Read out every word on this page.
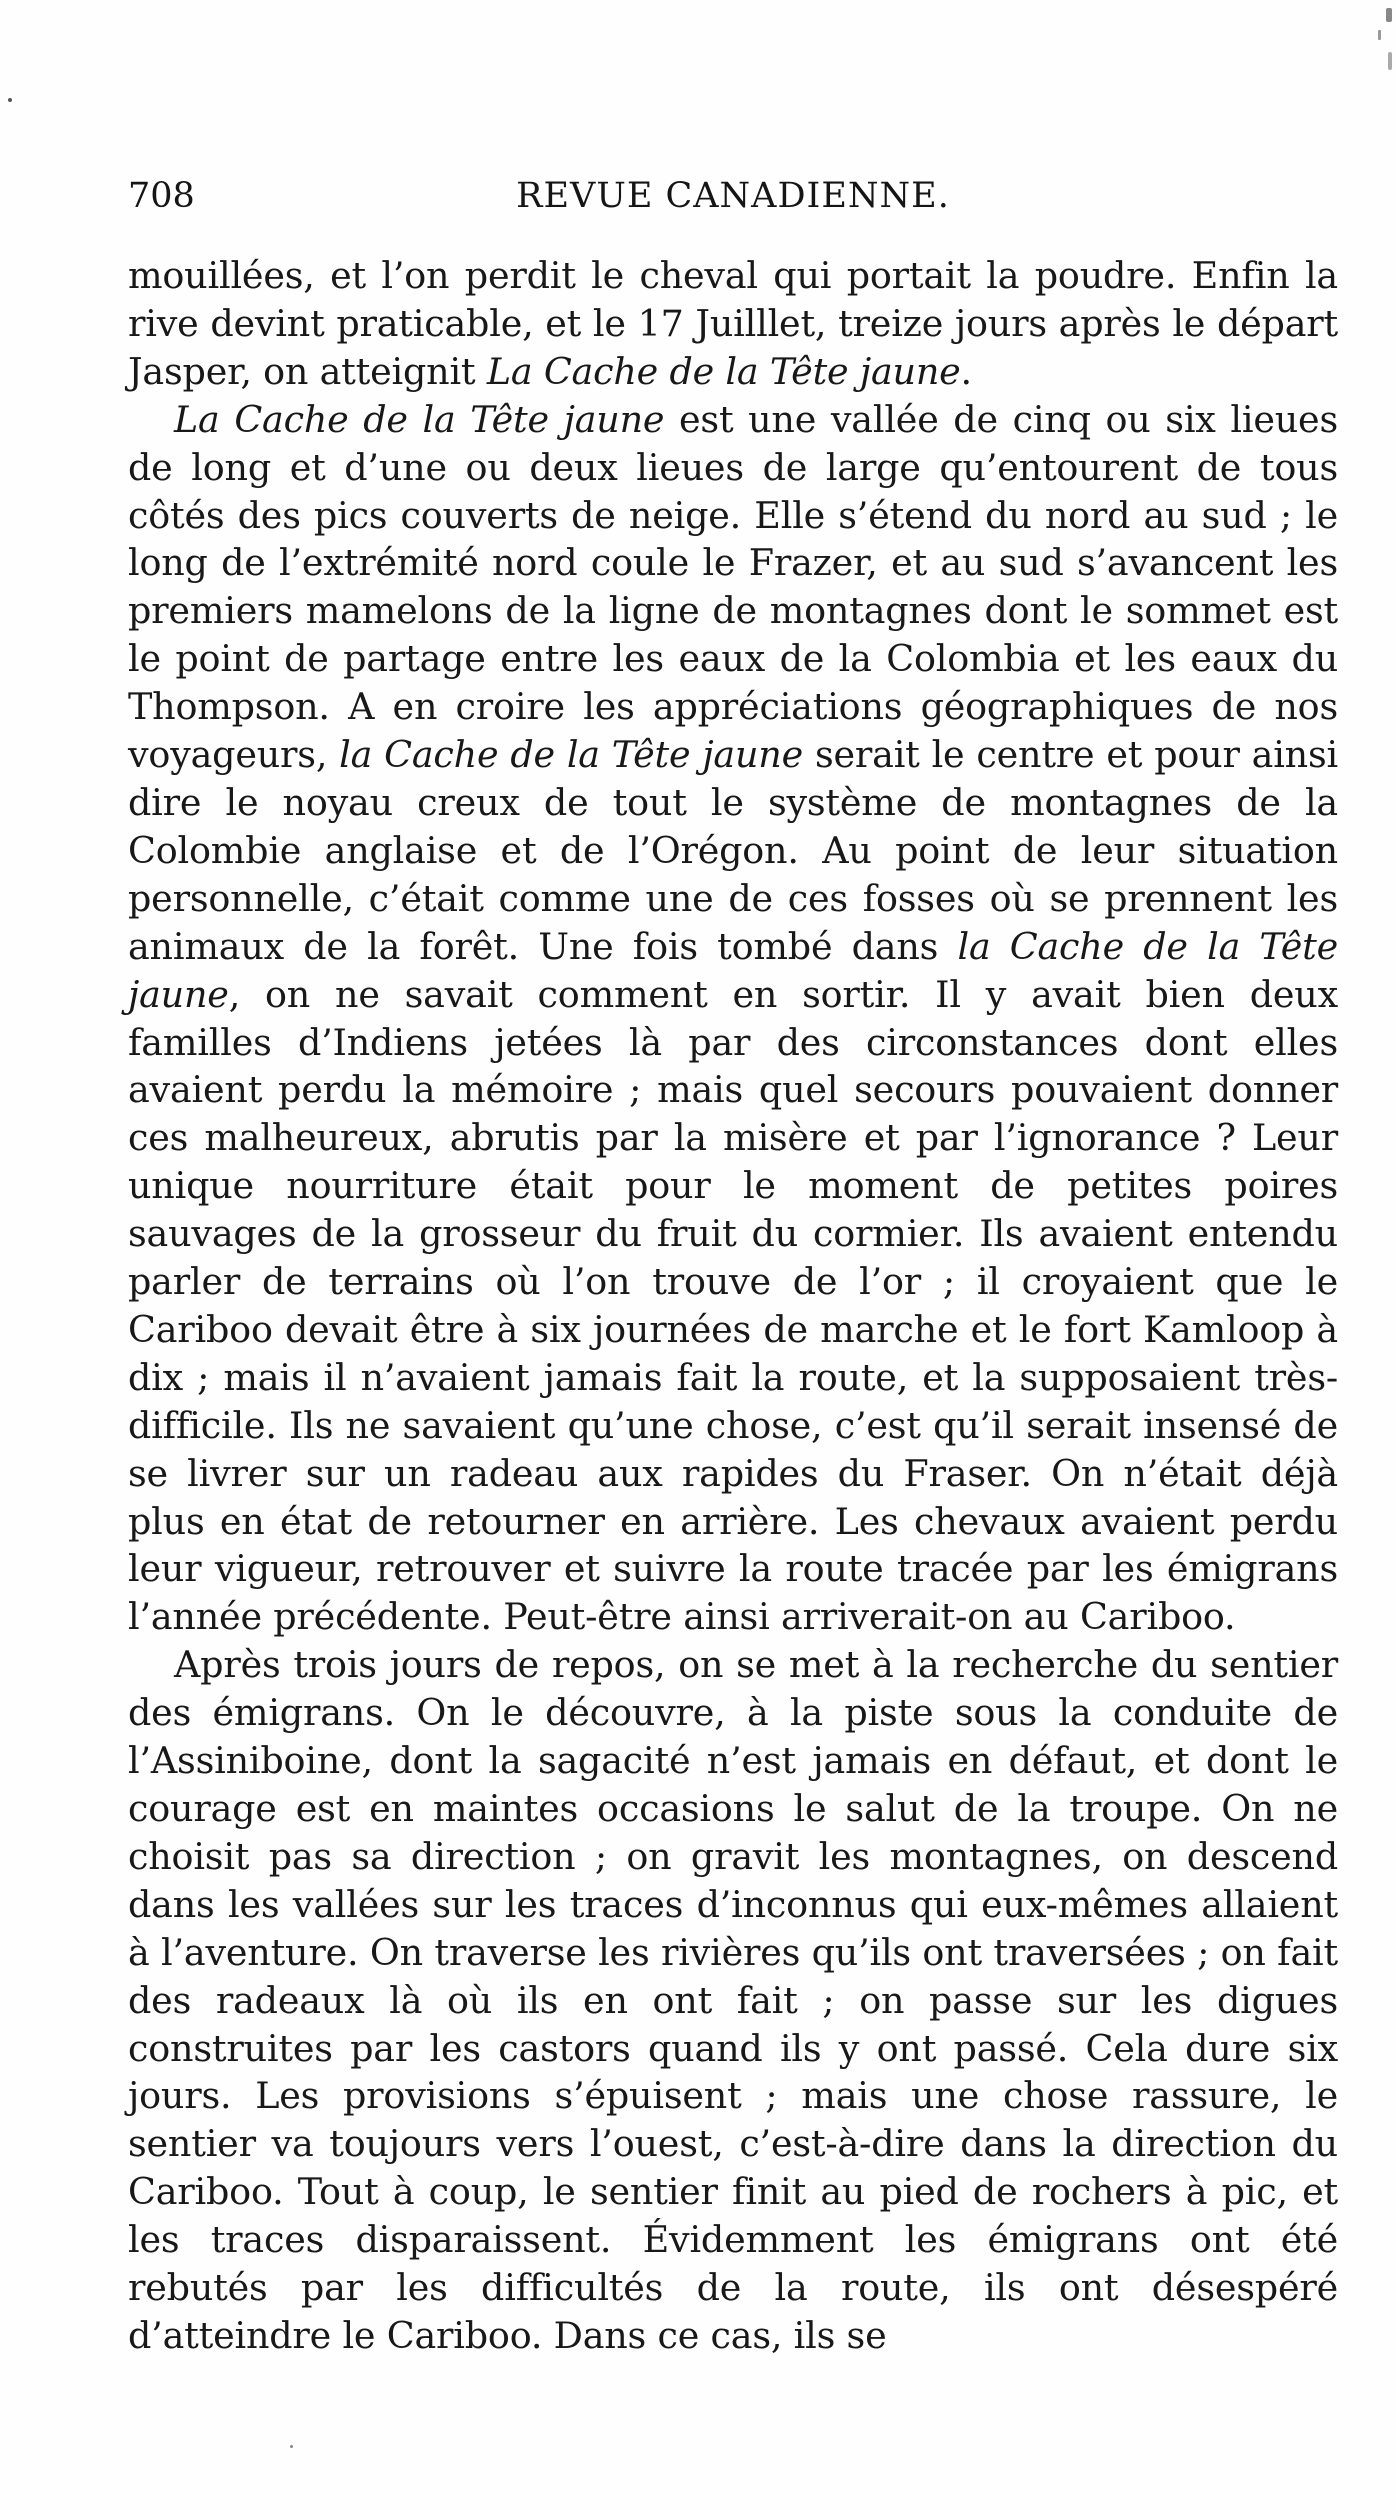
708	REVUE CANADIENNE.

mouillées, et l’on perdit le cheval qui portait la poudre. Enfin la rive devint praticable, et le 17 Juilllet, treize jours après le départ Jasper, on atteignit La Cache de la Tête jaune.

La Cache de la Tête jaune est une vallée de cinq ou six lieues de long et d’une ou deux lieues de large qu’entourent de tous côtés des pics couverts de neige. Elle s’étend du nord au sud ; le long de l’extrémité nord coule le Frazer, et au sud s’avancent les premiers mamelons de la ligne de montagnes dont le sommet est le point de partage entre les eaux de la Colombia et les eaux du Thompson. A en croire les appréciations géographiques de nos voyageurs, la Cache de la Tête jaune serait le centre et pour ainsi dire le noyau creux de tout le système de montagnes de la Colombie anglaise et de l’Orégon. Au point de leur situation personnelle, c’était comme une de ces fosses où se prennent les animaux de la forêt. Une fois tombé dans la Cache de la Tête jaune, on ne savait comment en sortir. Il y avait bien deux familles d’Indiens jetées là par des circonstances dont elles avaient perdu la mémoire ; mais quel secours pouvaient donner ces malheureux, abrutis par la misère et par l’ignorance ? Leur unique nourriture était pour le moment de petites poires sauvages de la grosseur du fruit du cormier. Ils avaient entendu parler de terrains où l’on trouve de l’or ; il croyaient que le Cariboo devait être à six journées de marche et le fort Kamloop à dix ; mais il n’avaient jamais fait la route, et la supposaient très-difficile. Ils ne savaient qu’une chose, c’est qu’il serait insensé de se livrer sur un radeau aux rapides du Fraser. On n’était déjà plus en état de retourner en arrière. Les chevaux avaient perdu leur vigueur, retrouver et suivre la route tracée par les émigrans l’année précédente. Peut-être ainsi arriverait-on au Cariboo.

Après trois jours de repos, on se met à la recherche du sentier des émigrans. On le découvre, à la piste sous la conduite de l’Assiniboine, dont la sagacité n’est jamais en défaut, et dont le courage est en maintes occasions le salut de la troupe. On ne choisit pas sa direction ; on gravit les montagnes, on descend dans les vallées sur les traces d’inconnus qui eux-mêmes allaient à l’aventure. On traverse les rivières qu’ils ont traversées ; on fait des radeaux là où ils en ont fait ; on passe sur les digues construites par les castors quand ils y ont passé. Cela dure six jours. Les provisions s’épuisent ; mais une chose rassure, le sentier va toujours vers l’ouest, c’est-à-dire dans la direction du Cariboo. Tout à coup, le sentier finit au pied de rochers à pic, et les traces disparaissent. Évidemment les émigrans ont été rebutés par les difficultés de la route, ils ont désespéré d’atteindre le Cariboo. Dans ce cas, ils se
